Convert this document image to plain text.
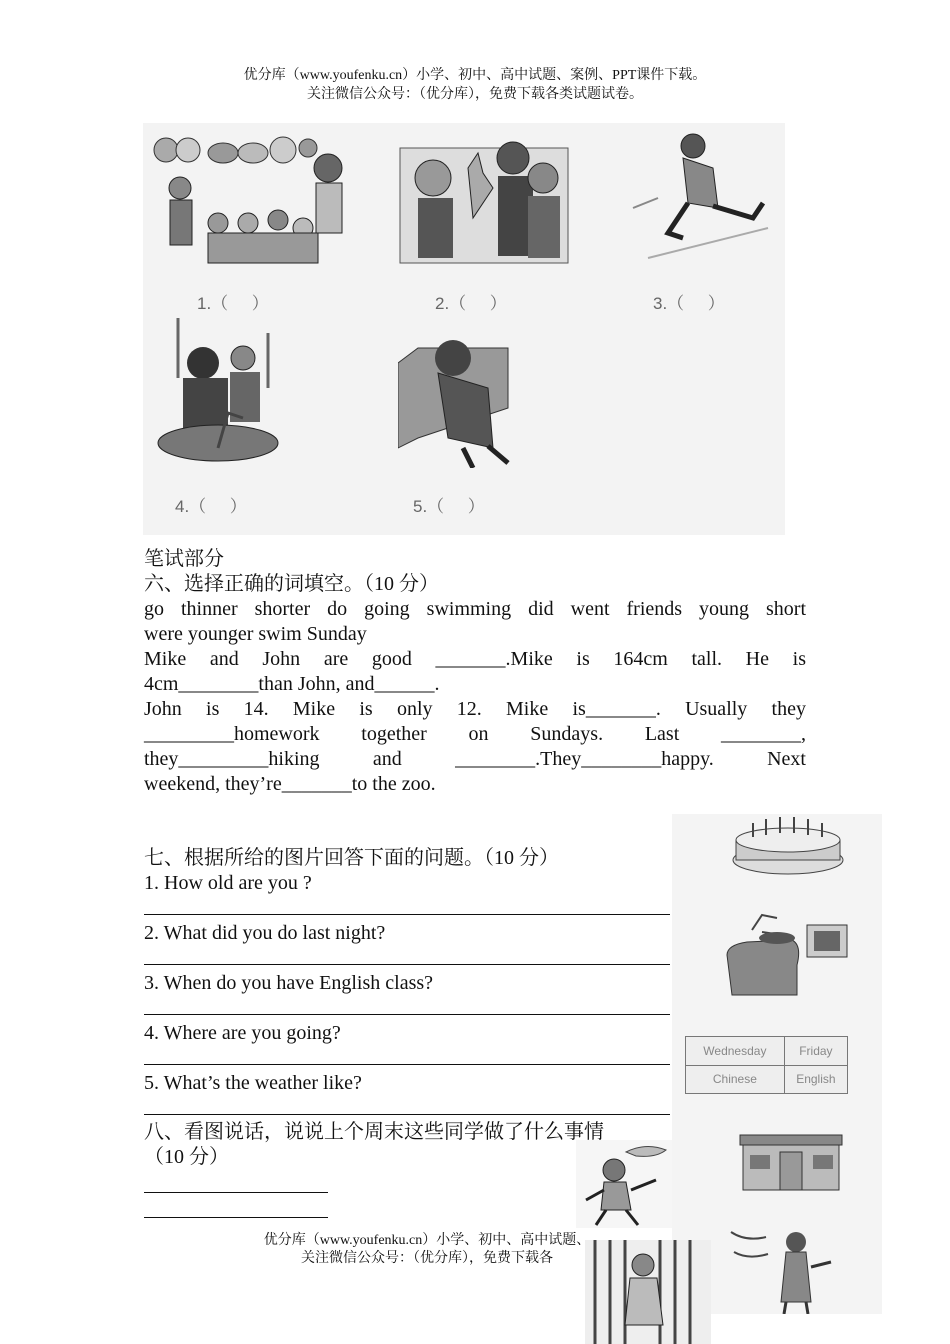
优分库（www.youfenku.cn）小学、初中、高中试题、案例、PPT课件下载。
关注微信公众号：（优分库），免费下载各类试题试卷。
1.（     ）	2.（     ）	3.（     ）
4.（     ）	5.（     ）
笔试部分
六、选择正确的词填空。（10 分）
go thinner shorter do going swimming did went friends young short
were younger swim Sunday
Mike and John are good _______.Mike is 164cm tall. He is
4cm________than John, and______.
John is 14. Mike is only 12. Mike is_______. Usually they
_________homework together on Sundays. Last ________,
they_________hiking and ________.They________happy. Next
weekend, they’re_______to the zoo.
Wednesday	Friday
Chinese	English
七、根据所给的图片回答下面的问题。（10 分）
1. How old are you ?
2. What did you do last night?
3. When do you have English class?
4. Where are you going?
5. What’s the weather like?
八、看图说话，说说上个周末这些同学做了什么事情
（10 分）
优分库（www.youfenku.cn）小学、初中、高中试题、
关注微信公众号：（优分库），免费下载各
